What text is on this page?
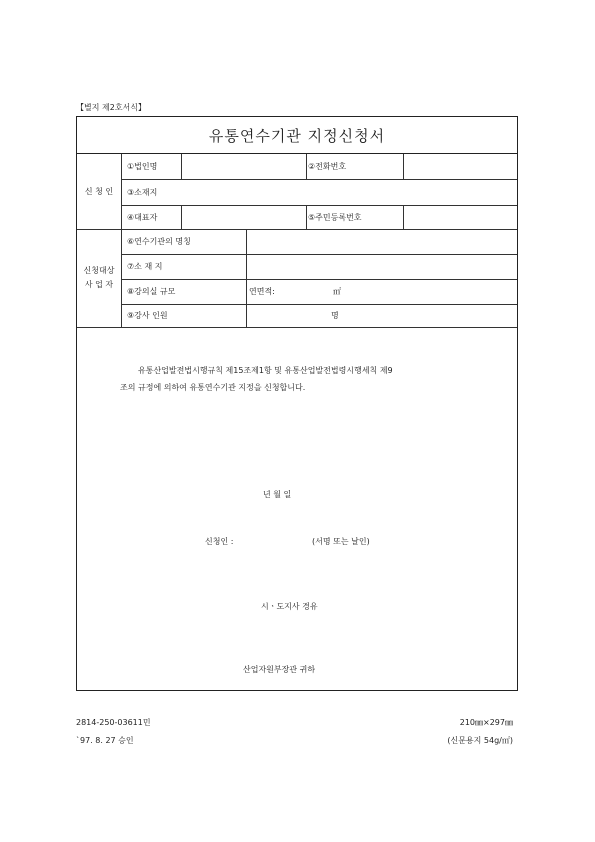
【별지 제2호서식】
유통연수기관 지정신청서
신 청 인
①법인명	②전화번호
③소재지
④대표자	⑤주민등록번호
신청대상
사 업 자
⑥연수기관의 명칭
⑦소 재 지
⑧강의실 규모	연면적:	㎡
⑨강사 인원	명
유통산업발전법시행규칙 제15조제1항 및 유통산업발전법령시행세칙 제9
조의 규정에 의하여 유통연수기관 지정을 신청합니다.
년 월 일
신청인 :	(서명 또는 날인)
시ㆍ도지사 경유
산업자원부장관 귀하
2814-250-03611민
`97. 8. 27 승인
210㎜×297㎜
(신문용지 54g/㎡)
